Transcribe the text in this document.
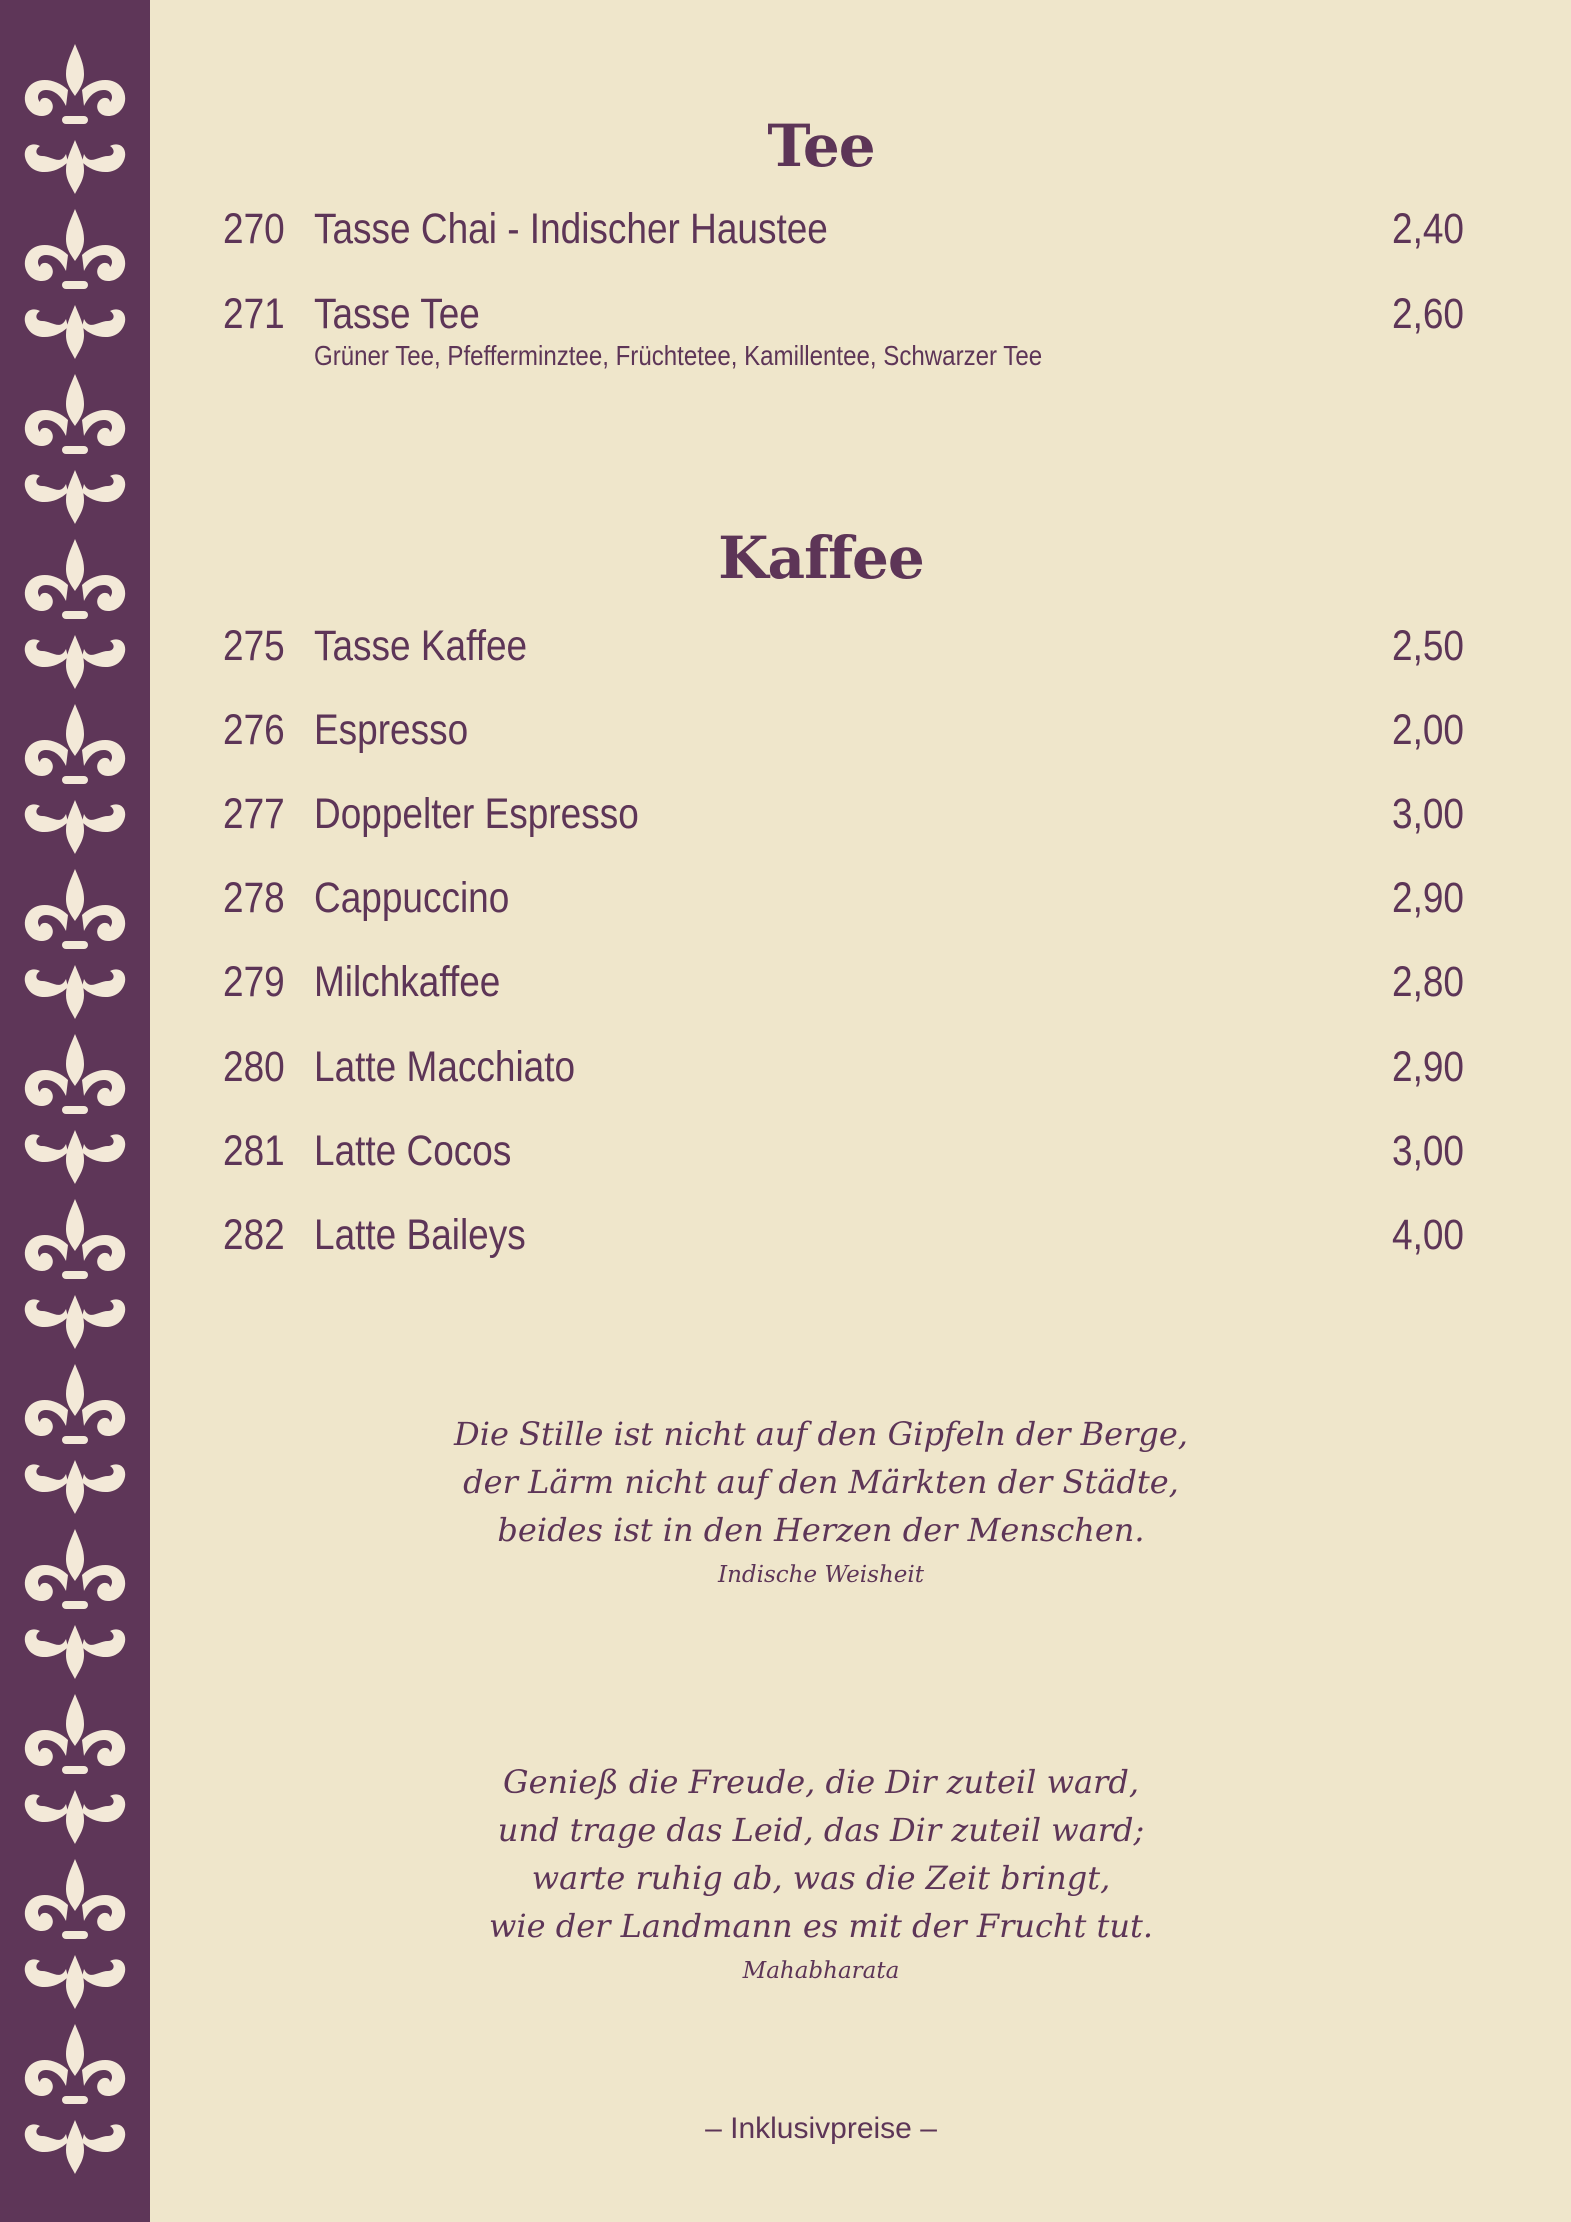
Tee
270 Tasse Chai - Indischer Haustee	2,40
271 Tasse Tee	2,60
Grüner Tee, Pfefferminztee, Früchtetee, Kamillentee, Schwarzer Tee
Kaffee
275 Tasse Kaffee	2,50
276 Espresso	2,00
277 Doppelter Espresso	3,00
278 Cappuccino	2,90
279 Milchkaffee	2,80
280 Latte Macchiato	2,90
281 Latte Cocos	3,00
282 Latte Baileys	4,00
Die Stille ist nicht auf den Gipfeln der Berge,
der Lärm nicht auf den Märkten der Städte,
beides ist in den Herzen der Menschen.
Indische Weisheit
Genieß die Freude, die Dir zuteil ward,
und trage das Leid, das Dir zuteil ward;
warte ruhig ab, was die Zeit bringt,
wie der Landmann es mit der Frucht tut.
Mahabharata
– Inklusivpreise –
